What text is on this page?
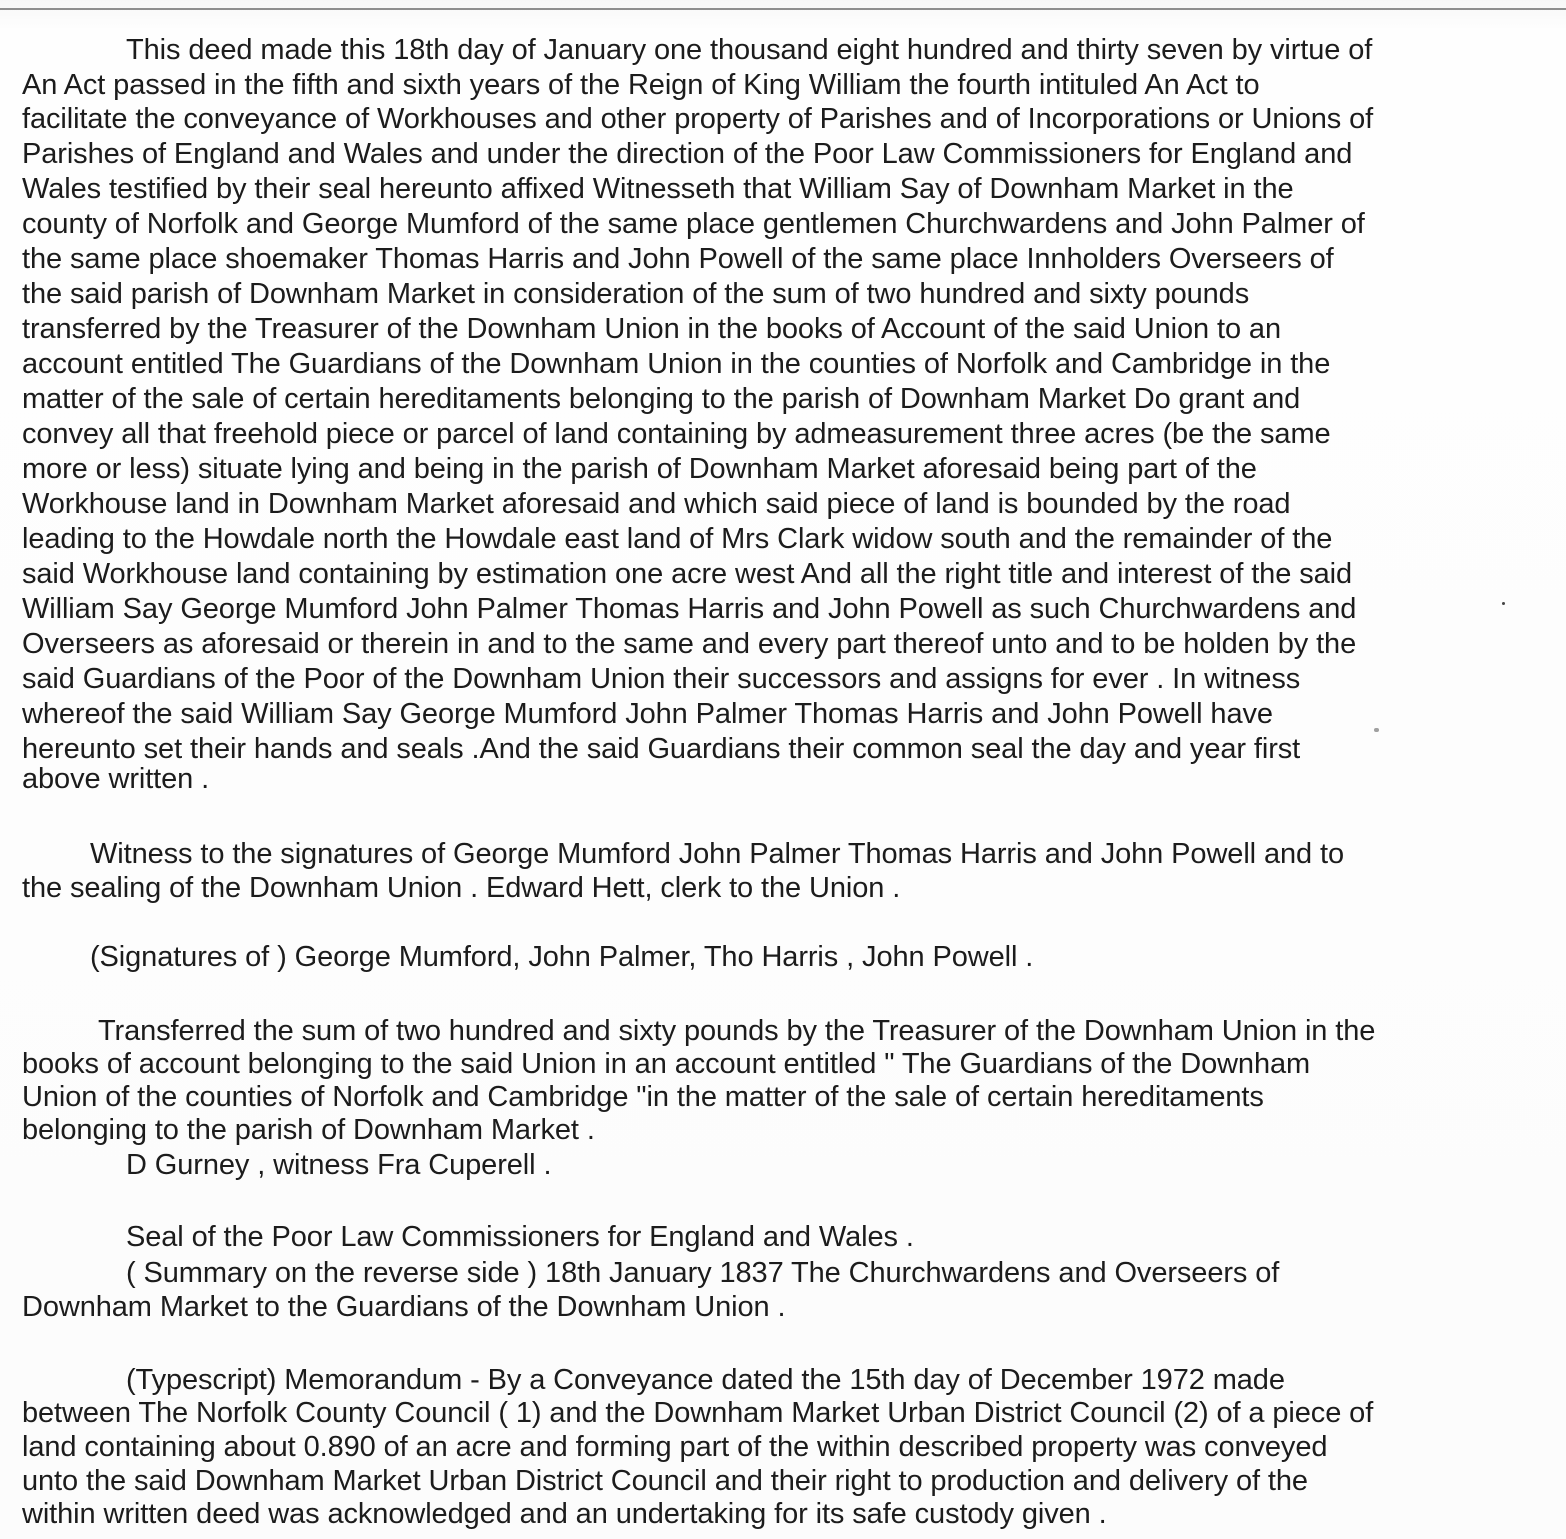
This deed made this 18th day of January one thousand eight hundred and thirty seven by virtue of
An Act passed in the fifth and sixth years of the Reign of King William the fourth intituled An Act to
facilitate the conveyance of Workhouses and other property of Parishes and of Incorporations or Unions of
Parishes of England and Wales and under the direction of the Poor Law Commissioners for England and
Wales testified by their seal hereunto affixed Witnesseth that William Say of Downham Market in the
county of Norfolk and George Mumford of the same place gentlemen Churchwardens and John Palmer of
the same place shoemaker Thomas Harris and John Powell of the same place Innholders Overseers of
the said parish of Downham Market in consideration of the sum of two hundred and sixty pounds
transferred by the Treasurer of the Downham Union in the books of Account of the said Union to an
account entitled The Guardians of the Downham Union in the counties of Norfolk and Cambridge in the
matter of the sale of certain hereditaments belonging to the parish of Downham Market Do grant and
convey all that freehold piece or parcel of land containing by admeasurement three acres (be the same
more or less) situate lying and being in the parish of Downham Market aforesaid being part of the
Workhouse land in Downham Market aforesaid and which said piece of land is bounded by the road
leading to the Howdale north the Howdale east land of Mrs Clark widow south and the remainder of the
said Workhouse land containing by estimation one acre west And all the right title and interest of the said
William Say George Mumford John Palmer Thomas Harris and John Powell as such Churchwardens and
Overseers as aforesaid or therein in and to the same and every part thereof unto and to be holden by the
said Guardians of the Poor of the Downham Union their successors and assigns for ever . In witness
whereof the said William Say George Mumford John Palmer Thomas Harris and John Powell have
hereunto set their hands and seals .And the said Guardians their common seal the day and year first
above written .
Witness to the signatures of George Mumford John Palmer Thomas Harris and John Powell and to
the sealing of the Downham Union . Edward Hett, clerk to the Union .
(Signatures of ) George Mumford, John Palmer, Tho Harris , John Powell .
Transferred the sum of two hundred and sixty pounds by the Treasurer of the Downham Union in the
books of account belonging to the said Union in an account entitled " The Guardians of the Downham
Union of the counties of Norfolk and Cambridge "in the matter of the sale of certain hereditaments
belonging to the parish of Downham Market .
D Gurney , witness Fra Cuperell .
Seal of the Poor Law Commissioners for England and Wales .
( Summary on the reverse side ) 18th January 1837 The Churchwardens and Overseers of
Downham Market to the Guardians of the Downham Union .
(Typescript) Memorandum - By a Conveyance dated the 15th day of December 1972 made
between The Norfolk County Council ( 1) and the Downham Market Urban District Council (2) of a piece of
land containing about 0.890 of an acre and forming part of the within described property was conveyed
unto the said Downham Market Urban District Council and their right to production and delivery of the
within written deed was acknowledged and an undertaking for its safe custody given .
